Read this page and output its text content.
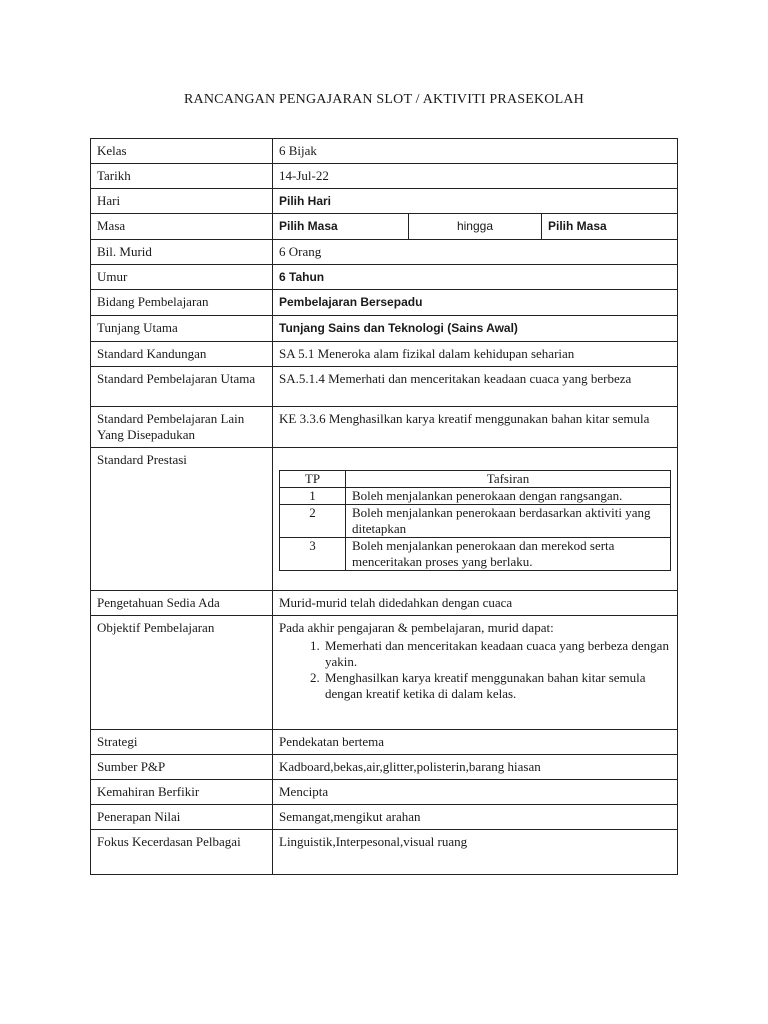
RANCANGAN PENGAJARAN SLOT / AKTIVITI PRASEKOLAH
Kelas	6 Bijak
Tarikh	14-Jul-22
Hari	Pilih Hari
Masa		Pilih Masa	hingga	Pilih Masa

Bil. Murid	6 Orang
Umur	6 Tahun
Bidang Pembelajaran	Pembelajaran Bersepadu
Tunjang Utama	Tunjang Sains dan Teknologi (Sains Awal)
Standard Kandungan	SA 5.1 Meneroka alam fizikal dalam kehidupan seharian
Standard Pembelajaran Utama	SA.5.1.4 Memerhati dan menceritakan keadaan cuaca yang berbeza
Standard Pembelajaran Lain Yang Disepadukan	KE 3.3.6 Menghasilkan karya kreatif menggunakan bahan kitar semula
Standard Prestasi	
TP	Tafsiran
1	Boleh menjalankan penerokaan dengan rangsangan.
2	Boleh menjalankan penerokaan berdasarkan aktiviti yang ditetapkan
3	Boleh menjalankan penerokaan dan merekod serta menceritakan proses yang berlaku.

Pengetahuan Sedia Ada	Murid-murid telah didedahkan dengan cuaca
Objektif Pembelajaran	Pada akhir pengajaran & pembelajaran, murid dapat:
1. Memerhati dan menceritakan keadaan cuaca yang berbeza dengan yakin.
2. Menghasilkan karya kreatif menggunakan bahan kitar semula dengan kreatif ketika di dalam kelas.

Strategi	Pendekatan bertema
Sumber P&P	Kadboard,bekas,air,glitter,polisterin,barang hiasan
Kemahiran Berfikir	Mencipta
Penerapan Nilai	Semangat,mengikut arahan
Fokus Kecerdasan Pelbagai	Linguistik,Interpesonal,visual ruang
